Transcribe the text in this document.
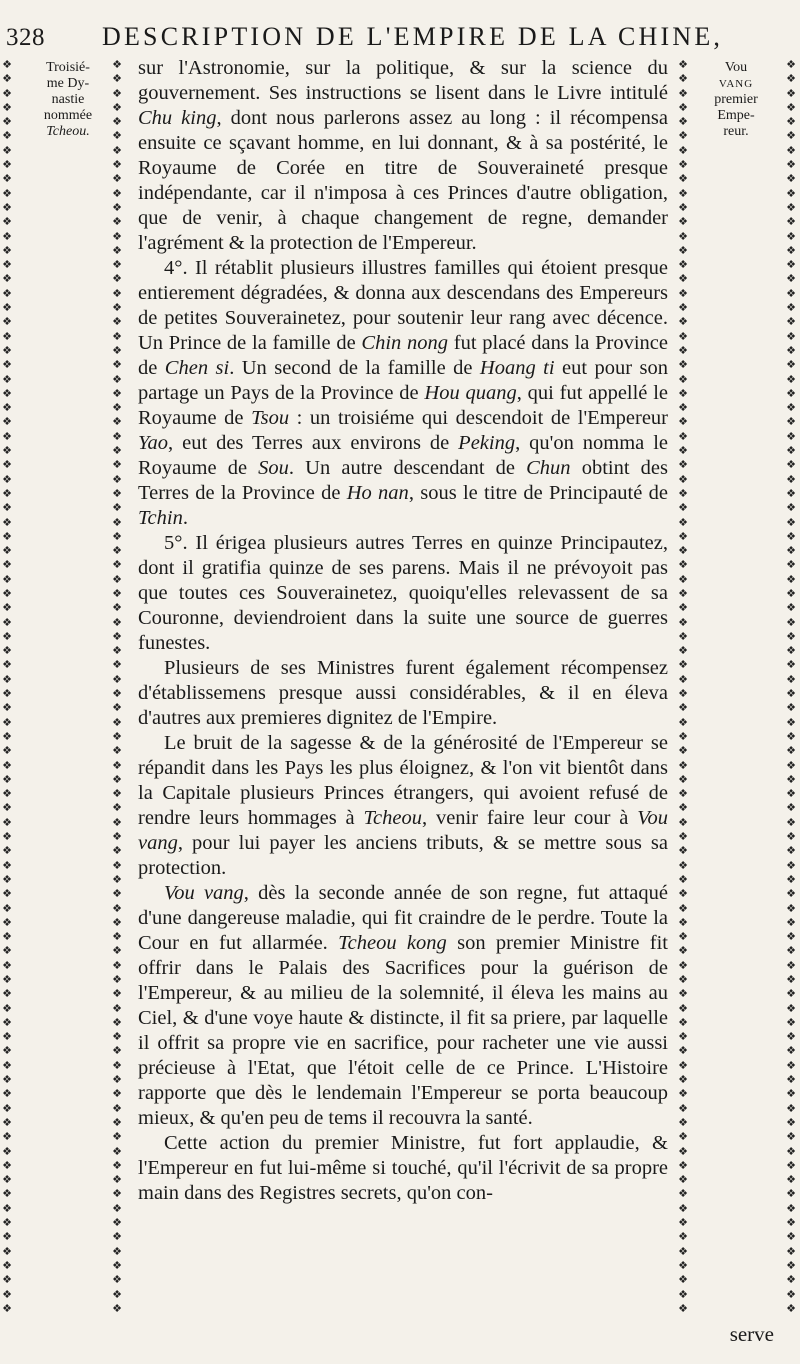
328 DESCRIPTION DE L'EMPIRE DE LA CHINE,
❖
❖
❖
❖
❖
❖
❖
❖
❖
❖
❖
❖
❖
❖
❖
❖
❖
❖
❖
❖
❖
❖
❖
❖
❖
❖
❖
❖
❖
❖
❖
❖
❖
❖
❖
❖
❖
❖
❖
❖
❖
❖
❖
❖
❖
❖
❖
❖
❖
❖
❖
❖
❖
❖
❖
❖
❖
❖
❖
❖
❖
❖
❖
❖
❖
❖
❖
❖
❖
❖
❖
❖
❖
❖
❖
❖
❖
❖
❖
❖
❖
❖
❖
❖
❖
❖
❖
❖
❖
❖
❖
❖
❖
❖
❖
❖
❖
❖
❖
❖
❖
❖
❖
❖
❖
❖
❖
❖
❖
❖
❖
❖
❖
❖
❖
❖
❖
❖
❖
❖
❖
❖
❖
❖
❖
❖
❖
❖
❖
❖
❖
❖
❖
❖
❖
❖
❖
❖
❖
❖
❖
❖
❖
❖
❖
❖
❖
❖
❖
❖
❖
❖
❖
❖
❖
❖
❖
❖
❖
❖
❖
❖
❖
❖
❖
❖
❖
❖
❖
❖
❖
❖
❖
❖
❖
❖
❖
❖
❖
❖
❖
❖
❖
❖
❖
❖
❖
❖
❖
❖
❖
❖
❖
❖
❖
❖
❖
❖
❖
❖
❖
❖
❖
❖
❖
❖
❖
❖
❖
❖
❖
❖
❖
❖
❖
❖
❖
❖
❖
❖
❖
❖
❖
❖
❖
❖
❖
❖
❖
❖
❖
❖
❖
❖
❖
❖
❖
❖
❖
❖
❖
❖
❖
❖
❖
❖
❖
❖
❖
❖
❖
❖
❖
❖
❖
❖
❖
❖
❖
❖
❖
❖
❖
❖
❖
❖
❖
❖
❖
❖
❖
❖
❖
❖
❖
❖
❖
❖
❖
❖
❖
❖
❖
❖
❖
❖
❖
❖
❖
❖
❖
❖
❖
❖
❖
❖
❖
❖
❖
❖
❖
❖
❖
❖
❖
❖
❖
❖
❖
❖
❖
❖
❖
❖
❖
❖
❖
❖
❖
❖
❖
❖
❖
❖
❖
❖
❖
❖
❖
❖
❖
❖
❖
❖
❖
❖
❖
❖
❖
❖
❖
❖
❖
❖
❖
❖
❖
❖
❖
❖
❖
❖
Troisié-
me Dy-
nastie
nommée
Tcheou.
Vou
VANG
premier
Empe-
reur.

sur l'Astronomie, sur la politique, & sur la science du gouvernement. Ses instructions se lisent dans le Livre intitulé Chu king, dont nous parlerons assez au long : il récompensa ensuite ce sçavant homme, en lui donnant, & à sa postérité, le Royaume de Corée en titre de Souveraineté presque indépendante, car il n'imposa à ces Princes d'autre obligation, que de venir, à chaque changement de regne, demander l'agrément & la protection de l'Empereur.

4°. Il rétablit plusieurs illustres familles qui étoient presque entierement dégradées, & donna aux descendans des Empereurs de petites Souverainetez, pour soutenir leur rang avec décence. Un Prince de la famille de Chin nong fut placé dans la Province de Chen si. Un second de la famille de Hoang ti eut pour son partage un Pays de la Province de Hou quang, qui fut appellé le Royaume de Tsou : un troisiéme qui descendoit de l'Empereur Yao, eut des Terres aux environs de Peking, qu'on nomma le Royaume de Sou. Un autre descendant de Chun obtint des Terres de la Province de Ho nan, sous le titre de Principauté de Tchin.

5°. Il érigea plusieurs autres Terres en quinze Principautez, dont il gratifia quinze de ses parens. Mais il ne prévoyoit pas que toutes ces Souverainetez, quoiqu'elles relevassent de sa Couronne, deviendroient dans la suite une source de guerres funestes.

Plusieurs de ses Ministres furent également récompensez d'établissemens presque aussi considérables, & il en éleva d'autres aux premieres dignitez de l'Empire.

Le bruit de la sagesse & de la générosité de l'Empereur se répandit dans les Pays les plus éloignez, & l'on vit bientôt dans la Capitale plusieurs Princes étrangers, qui avoient refusé de rendre leurs hommages à Tcheou, venir faire leur cour à Vou vang, pour lui payer les anciens tributs, & se mettre sous sa protection.

Vou vang, dès la seconde année de son regne, fut attaqué d'une dangereuse maladie, qui fit craindre de le perdre. Toute la Cour en fut allarmée. Tcheou kong son premier Ministre fit offrir dans le Palais des Sacrifices pour la guérison de l'Empereur, & au milieu de la solemnité, il éleva les mains au Ciel, & d'une voye haute & distincte, il fit sa priere, par laquelle il offrit sa propre vie en sacrifice, pour racheter une vie aussi précieuse à l'Etat, que l'étoit celle de ce Prince. L'Histoire rapporte que dès le lendemain l'Empereur se porta beaucoup mieux, & qu'en peu de tems il recouvra la santé.

Cette action du premier Ministre, fut fort applaudie, & l'Empereur en fut lui-même si touché, qu'il l'écrivit de sa propre main dans des Registres secrets, qu'on con-

serve
